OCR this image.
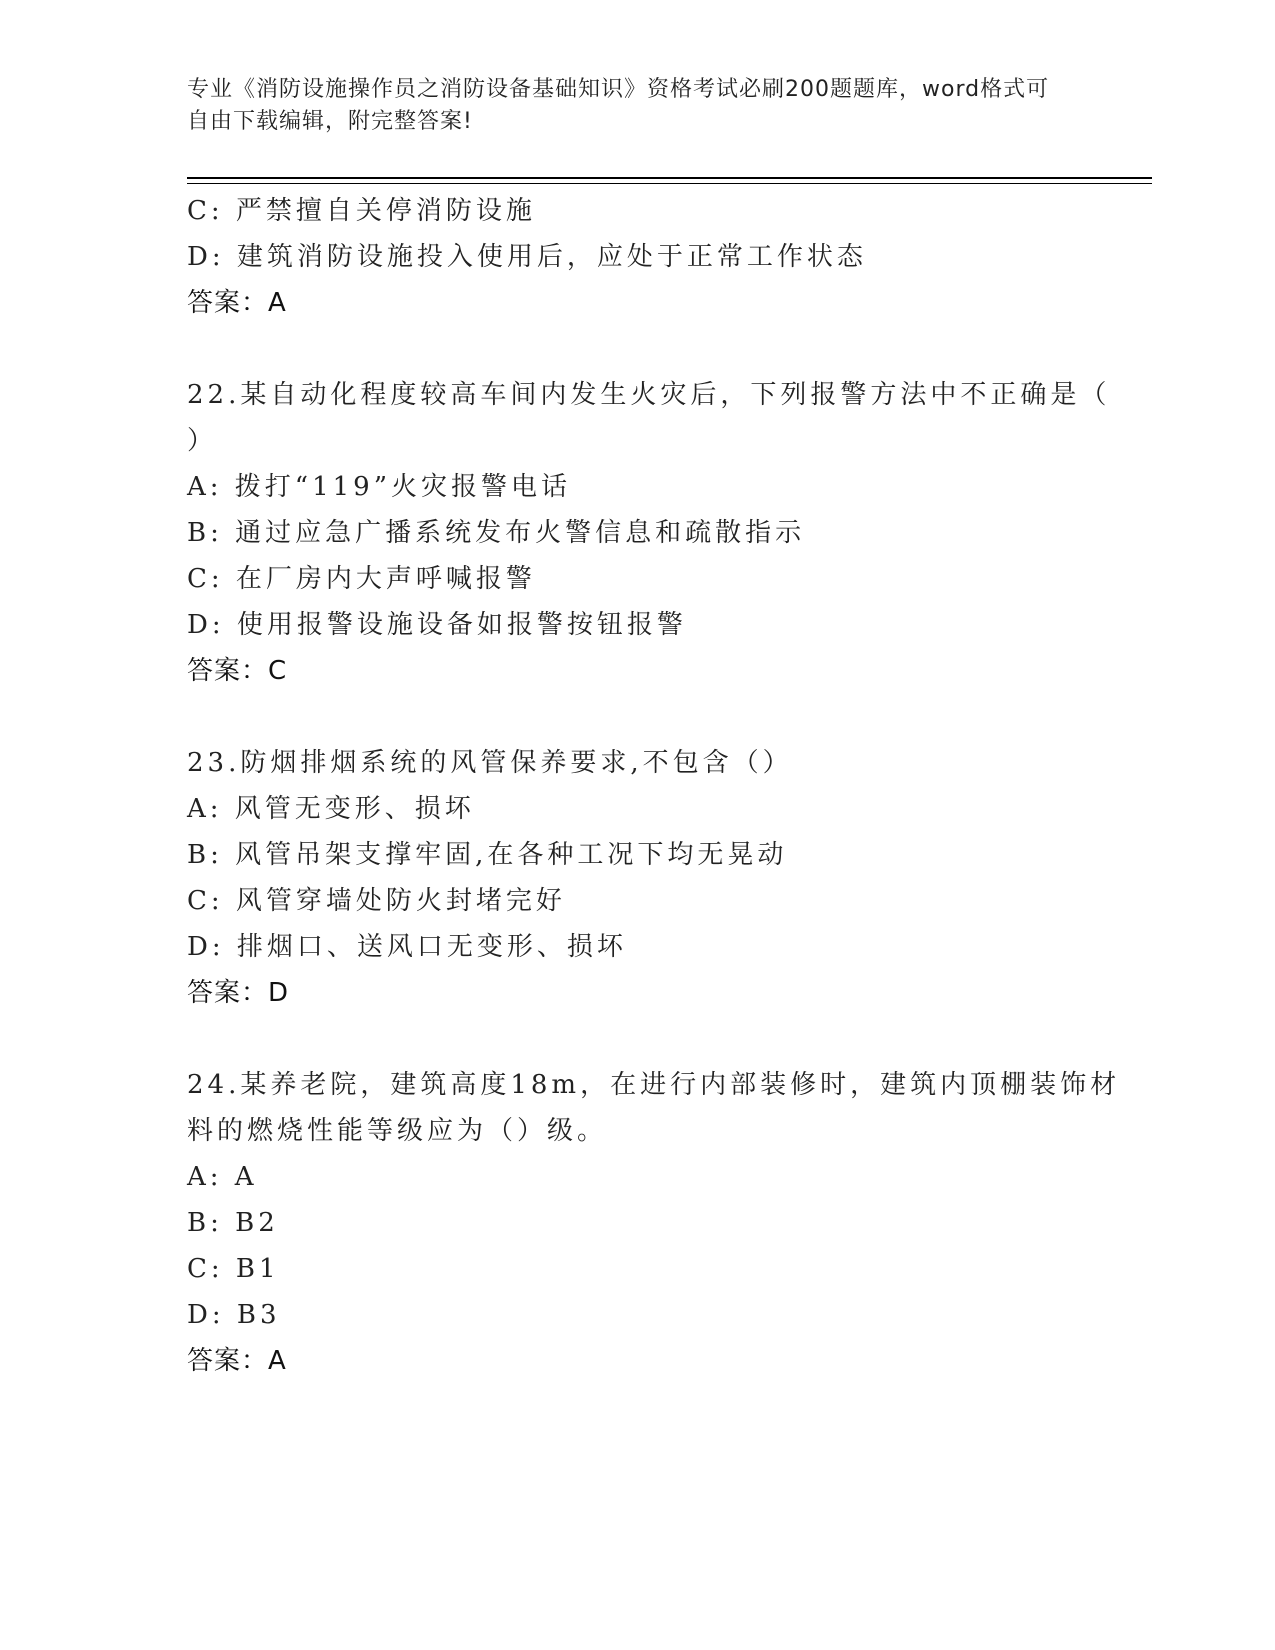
专业《消防设施操作员之消防设备基础知识》资格考试必刷200题题库，word格式可自由下载编辑，附完整答案!
C: 严禁擅自关停消防设施
D: 建筑消防设施投入使用后，应处于正常工作状态
答案：A
22.某自动化程度较高车间内发生火灾后，下列报警方法中不正确是（
）
A: 拨打“119”火灾报警电话
B: 通过应急广播系统发布火警信息和疏散指示
C: 在厂房内大声呼喊报警
D: 使用报警设施设备如报警按钮报警
答案：C
23.防烟排烟系统的风管保养要求,不包含（）
A: 风管无变形、损坏
B: 风管吊架支撑牢固,在各种工况下均无晃动
C: 风管穿墙处防火封堵完好
D: 排烟口、送风口无变形、损坏
答案：D
24.某养老院，建筑高度18m，在进行内部装修时，建筑内顶棚装饰材
料的燃烧性能等级应为（）级。
A: A
B: B2
C: B1
D: B3
答案：A
